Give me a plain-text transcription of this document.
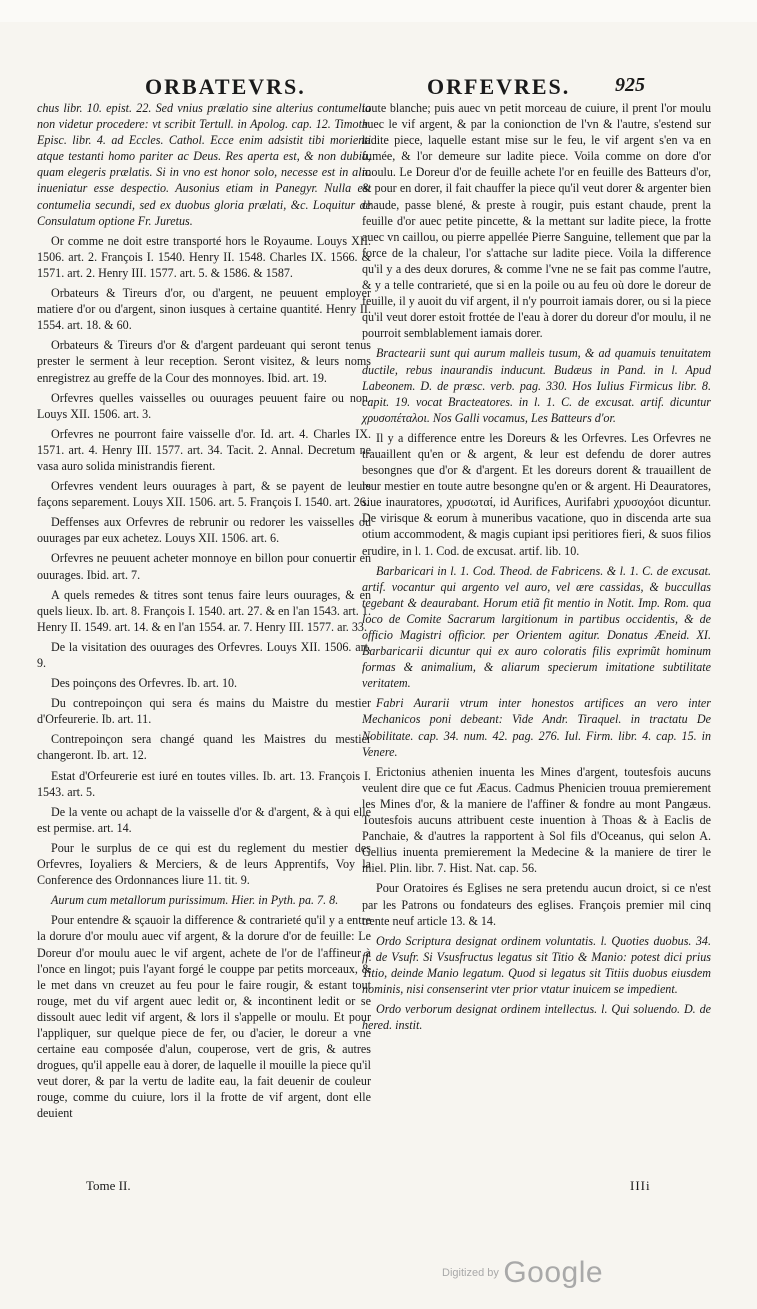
ORBATEVRS.	ORFEVRES. 925

chus libr. 10. epist. 22. Sed vnius prælatio sine alterius contumelia non videtur procedere: vt scribit Tertull. in Apolog. cap. 12. Timoth. Episc. libr. 4. ad Eccles. Cathol. Ecce enim adsistit tibi morienti atque testanti homo pariter ac Deus. Res aperta est, & non dubia, quam elegeris prælatis. Si in vno est honor solo, necesse est in alio inueniatur esse despectio. Ausonius etiam in Panegyr. Nulla est contumelia secundi, sed ex duobus gloria prælati, &c. Loquitur de Consulatum optione Fr. Juretus.

Or comme ne doit estre transporté hors le Royaume. Louys XII. 1506. art. 2. François I. 1540. Henry II. 1548. Charles IX. 1566. & 1571. art. 2. Henry III. 1577. art. 5. & 1586. & 1587.

Orbateurs & Tireurs d'or, ou d'argent, ne peuuent employer matiere d'or ou d'argent, sinon iusques à certaine quantité. Henry II. 1554. art. 18. & 60.

Orbateurs & Tireurs d'or & d'argent pardeuant qui seront tenus prester le serment à leur reception. Seront visitez, & leurs noms enregistrez au greffe de la Cour des monnoyes. Ibid. art. 19.

Orfevres quelles vaisselles ou ouurages peuuent faire ou non. Louys XII. 1506. art. 3.

Orfevres ne pourront faire vaisselle d'or. Id. art. 4. Charles IX. 1571. art. 4. Henry III. 1577. art. 34. Tacit. 2. Annal. Decretum ne vasa auro solida ministrandis fierent.

Orfevres vendent leurs ouurages à part, & se payent de leurs façons separement. Louys XII. 1506. art. 5. François I. 1540. art. 26.

Deffenses aux Orfevres de rebrunir ou redorer les vaisselles ou ouurages par eux achetez. Louys XII. 1506. art. 6.

Orfevres ne peuuent acheter monnoye en billon pour conuertir en ouurages. Ibid. art. 7.

A quels remedes & titres sont tenus faire leurs ouurages, & en quels lieux. Ib. art. 8. François I. 1540. art. 27. & en l'an 1543. art. 1. Henry II. 1549. art. 14. & en l'an 1554. ar. 7. Henry III. 1577. ar. 33.

De la visitation des ouurages des Orfevres. Louys XII. 1506. art. 9.

Des poinçons des Orfevres. Ib. art. 10.

Du contrepoinçon qui sera és mains du Maistre du mestier d'Orfeurerie. Ib. art. 11.

Contrepoinçon sera changé quand les Maistres du mestier changeront. Ib. art. 12.

Estat d'Orfeurerie est iuré en toutes villes. Ib. art. 13. François I. 1543. art. 5.

De la vente ou achapt de la vaisselle d'or & d'argent, & à qui elle est permise. art. 14.

Pour le surplus de ce qui est du reglement du mestier des Orfevres, Ioyaliers & Merciers, & de leurs Apprentifs, Voy la Conference des Ordonnances liure 11. tit. 9.

Aurum cum metallorum purissimum. Hier. in Pyth. pa. 7. 8.

Pour entendre & sçauoir la difference & contrarieté qu'il y a entre la dorure d'or moulu auec vif argent, & la dorure d'or de feuille: Le Doreur d'or moulu auec le vif argent, achete de l'or de l'affineur à l'once en lingot; puis l'ayant forgé le couppe par petits morceaux, & le met dans vn creuzet au feu pour le faire rougir, & estant tout rouge, met du vif argent auec ledit or, & incontinent ledit or se dissoult auec ledit vif argent, & lors il s'appelle or moulu. Et pour l'appliquer, sur quelque piece de fer, ou d'acier, le doreur a vne certaine eau composée d'alun, couperose, vert de gris, & autres drogues, qu'il appelle eau à dorer, de laquelle il mouille la piece qu'il veut dorer, & par la vertu de ladite eau, la fait deuenir de couleur rouge, comme du cuiure, lors il la frotte de vif argent, dont elle deuient

toute blanche; puis auec vn petit morceau de cuiure, il prent l'or moulu auec le vif argent, & par la conionction de l'vn & l'autre, s'estend sur ladite piece, laquelle estant mise sur le feu, le vif argent s'en va en fumée, & l'or demeure sur ladite piece. Voila comme on dore d'or moulu. Le Doreur d'or de feuille achete l'or en feuille des Batteurs d'or, & pour en dorer, il fait chauffer la piece qu'il veut dorer & argenter bien chaude, passe blené, & preste à rougir, puis estant chaude, prent la feuille d'or auec petite pincette, & la mettant sur ladite piece, la frotte auec vn caillou, ou pierre appellée Pierre Sanguine, tellement que par la force de la chaleur, l'or s'attache sur ladite piece. Voila la difference qu'il y a des deux dorures, & comme l'vne ne se fait pas comme l'autre, & y a telle contrarieté, que si en la poile ou au feu où dore le doreur de feuille, il y auoit du vif argent, il n'y pourroit iamais dorer, ou si la piece qu'il veut dorer estoit frottée de l'eau à dorer du doreur d'or moulu, il ne pourroit semblablement iamais dorer.

Bractearii sunt qui aurum malleis tusum, & ad quamuis tenuitatem ductile, rebus inaurandis inducunt. Budæus in Pand. in l. Apud Labeonem. D. de præsc. verb. pag. 330. Hos Iulius Firmicus libr. 8. capit. 19. vocat Bracteatores. in l. 1. C. de excusat. artif. dicuntur χρυσοπέταλοι. Nos Galli vocamus, Les Batteurs d'or.

Il y a difference entre les Doreurs & les Orfevres. Les Orfevres ne trauaillent qu'en or & argent, & leur est defendu de dorer autres besongnes que d'or & d'argent. Et les doreurs dorent & trauaillent de leur mestier en toute autre besongne qu'en or & argent. Hi Deauratores, siue inauratores, χρυσωταί, id Aurifices, Aurifabri χρυσοχόοι dicuntur. De virisque & eorum à muneribus vacatione, quo in discenda arte sua otium accommodent, & magis cupiant ipsi peritiores fieri, & suos filios erudire, in l. 1. Cod. de excusat. artif. lib. 10.

Barbaricari in l. 1. Cod. Theod. de Fabricens. & l. 1. C. de excusat. artif. vocantur qui argento vel auro, vel ære cassidas, & buccullas tegebant & deaurabant. Horum etiã fit mentio in Notit. Imp. Rom. qua loco de Comite Sacrarum largitionum in partibus occidentis, & de officio Magistri officior. per Orientem agitur. Donatus Æneid. XI. Barbaricarii dicuntur qui ex auro coloratis filis exprimũt hominum formas & animalium, & aliarum specierum imitatione subtilitate veritatem.

Fabri Aurarii vtrum inter honestos artifices an vero inter Mechanicos poni debeant: Vide Andr. Tiraquel. in tractatu De Nobilitate. cap. 34. num. 42. pag. 276. Iul. Firm. libr. 4. cap. 15. in Venere.

Erictonius athenien inuenta les Mines d'argent, toutesfois aucuns veulent dire que ce fut Æacus. Cadmus Phenicien trouua premierement les Mines d'or, & la maniere de l'affiner & fondre au mont Pangæus. Toutesfois aucuns attribuent ceste inuention à Thoas & à Eaclis de Panchaie, & d'autres la rapportent à Sol fils d'Oceanus, qui selon A. Gellius inuenta premierement la Medecine & la maniere de tirer le miel. Plin. libr. 7. Hist. Nat. cap. 56.

Pour Oratoires és Eglises ne sera pretendu aucun droict, si ce n'est par les Patrons ou fondateurs des eglises. François premier mil cinq trente neuf article 13. & 14.

Ordo Scriptura designat ordinem voluntatis. l. Quoties duobus. 34. ff. de Vsufr. Si Vsusfructus legatus sit Titio & Manio: potest dici prius Titio, deinde Manio legatum. Quod si legatus sit Titiis duobus eiusdem nominis, nisi consenserint vter prior vtatur inuicem se impedient.

Ordo verborum designat ordinem intellectus. l. Qui soluendo. D. de hered. instit.

Tome II.	IIIi
Digitized by Google
